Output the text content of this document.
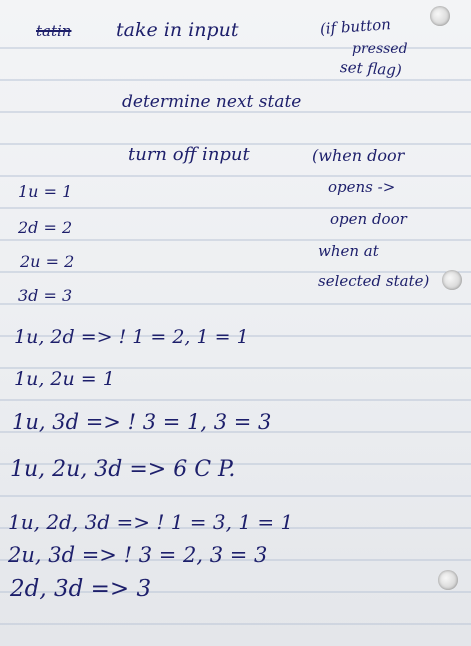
tatin take in input	(if button
pressed
set flag)
determine next state
turn off input	(when door
opens ->
open door
when at
selected state)
1u = 1
2d = 2
2u = 2
3d = 3
1u, 2d => ! 1 = 2, 1 = 1
1u, 2u = 1
1u, 3d => ! 3 = 1, 3 = 3
1u, 2u, 3d => 6 C P.
1u, 2d, 3d => ! 1 = 3, 1 = 1
2u, 3d => ! 3 = 2, 3 = 3
2d, 3d => 3
